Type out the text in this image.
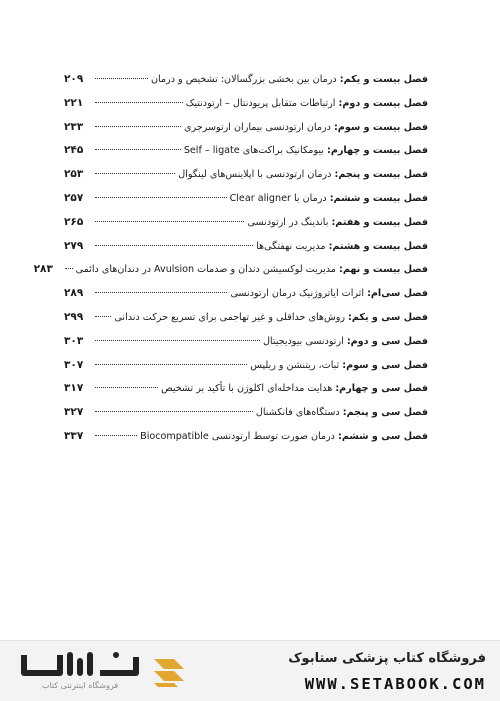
فصل بیست و یکم: درمان بین بخشی بزرگسالان: تشخیص و درمان
۲۰۹
فصل بیست و دوم: ارتباطات متقابل پریودنتال – ارتودنتیک
۲۲۱
فصل بیست و سوم: درمان ارتودنسی بیماران ارتوسرجری
۲۳۳
فصل بیست و چهارم: بیومکانیک براکت‌های Self – ligate
۲۴۵
فصل بیست و پنجم: درمان ارتودنسی با اپلاینس‌های لینگوال
۲۵۳
فصل بیست و ششم: درمان با Clear aligner
۲۵۷
فصل بیست و هفتم: باندینگ در ارتودنسی
۲۶۵
فصل بیست و هشتم: مدیریت نهفتگی‌ها
۲۷۹
فصل بیست و نهم: مدیریت لوکسیشن دندان و صدمات Avulsion در دندان‌های دائمی
۲۸۳
فصل سی‌ام: اثرات ایاتروژنیک درمان ارتودنسی
۲۸۹
فصل سی و یکم: روش‌های حداقلی و غیر تهاجمی برای تسریع حرکت دندانی
۲۹۹
فصل سی و دوم: ارتودنسی بیودیجیتال
۳۰۳
فصل سی و سوم: ثبات، ریتنشن و ریلپس
۳۰۷
فصل سی و چهارم: هدایت مداخله‌ای اکلوژن با تأکید بر تشخیص
۳۱۷
فصل سی و پنجم: دستگاه‌های فانکشنال
۳۲۷
فصل سی و ششم: درمان صورت توسط ارتودنسی Biocompatible
۳۳۷
فروشگاه اینترنتی کتاب
فروشگاه کتاب پزشکی ستابوک
WWW.SETABOOK.COM
